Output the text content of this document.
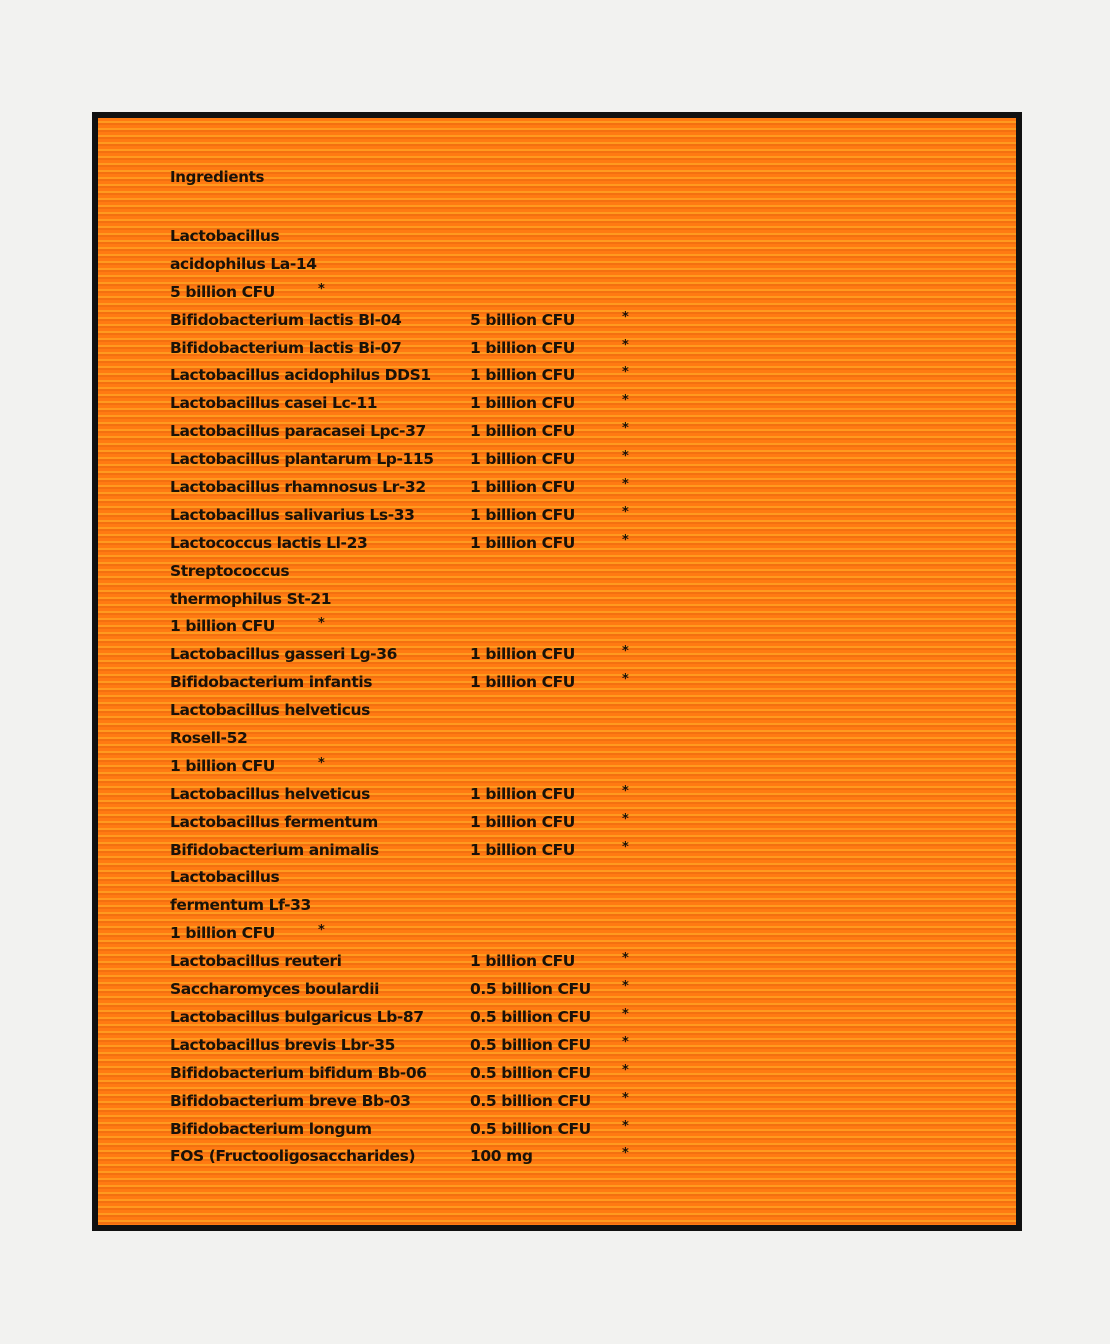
Ingredients
Lactobacillus
acidophilus La-14
5 billion CFU	*
Bifidobacterium lactis Bl-04	5 billion CFU	*
Bifidobacterium lactis Bi-07	1 billion CFU	*
Lactobacillus acidophilus DDS1	1 billion CFU	*
Lactobacillus casei Lc-11	1 billion CFU	*
Lactobacillus paracasei Lpc-37	1 billion CFU	*
Lactobacillus plantarum Lp-115 1 billion CFU	*
Lactobacillus rhamnosus Lr-32	1 billion CFU	*
Lactobacillus salivarius Ls-33	1 billion CFU	*
Lactococcus lactis Ll-23	1 billion CFU	*
Streptococcus
thermophilus St-21
1 billion CFU	*
Lactobacillus gasseri Lg-36	1 billion CFU	*
Bifidobacterium infantis	1 billion CFU	*
Lactobacillus helveticus
Rosell-52
1 billion CFU	*
Lactobacillus helveticus	1 billion CFU	*
Lactobacillus fermentum	1 billion CFU	*
Bifidobacterium animalis	1 billion CFU	*
Lactobacillus
fermentum Lf-33
1 billion CFU	*
Lactobacillus reuteri	1 billion CFU	*
Saccharomyces boulardii	0.5 billion CFU *
Lactobacillus bulgaricus Lb-87	0.5 billion CFU *
Lactobacillus brevis Lbr-35	0.5 billion CFU *
Bifidobacterium bifidum Bb-06	0.5 billion CFU *
Bifidobacterium breve Bb-03	0.5 billion CFU *
Bifidobacterium longum	0.5 billion CFU *
FOS (Fructooligosaccharides)	100 mg	*
